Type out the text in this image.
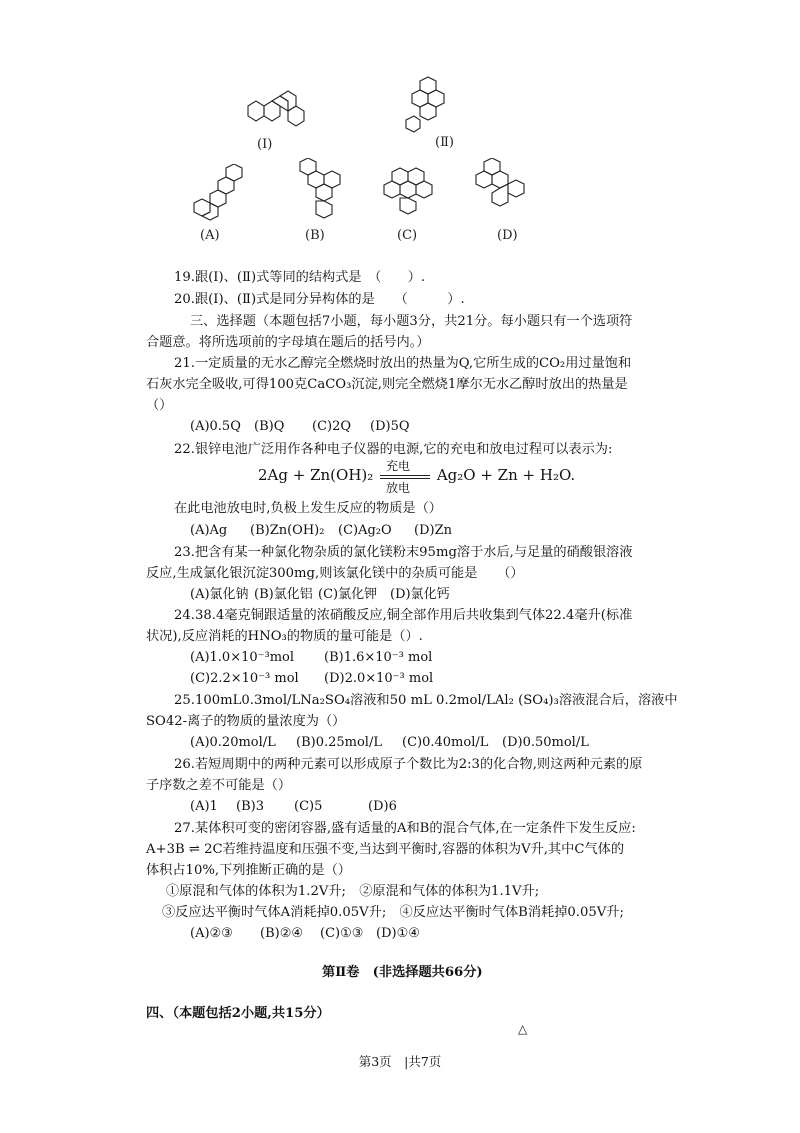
(Ⅰ)	(Ⅱ)
(A)	(B)	(C)	(D)
19.跟(Ⅰ)、(Ⅱ)式等同的结构式是　（　　）.
20.跟(Ⅰ)、(Ⅱ)式是同分异构体的是　　（　　　）.
三、选择题（本题包括7小题，每小题3分，共21分。每小题只有一个选项符
合题意。将所选项前的字母填在题后的括号内。）
21.一定质量的无水乙醇完全燃烧时放出的热量为Q,它所生成的CO₂用过量饱和
石灰水完全吸收,可得100克CaCO₃沉淀,则完全燃烧1摩尔无水乙醇时放出的热量是
（）
(A)0.5Q (B)Q (C)2Q (D)5Q
22.银锌电池广泛用作各种电子仪器的电源,它的充电和放电过程可以表示为:
2Ag + Zn(OH)₂ 充电
放电
Ag₂O + Zn + H₂O.
在此电池放电时,负极上发生反应的物质是（）
(A)Ag (B)Zn(OH)₂ (C)Ag₂O (D)Zn
23.把含有某一种氯化物杂质的氯化镁粉末95mg溶于水后,与足量的硝酸银溶液
反应,生成氯化银沉淀300mg,则该氯化镁中的杂质可能是　　（）
(A)氯化钠 (B)氯化铝 (C)氯化钾 (D)氯化钙
24.38.4毫克铜跟适量的浓硝酸反应,铜全部作用后共收集到气体22.4毫升(标准
状况),反应消耗的HNO₃的物质的量可能是（）.
(A)1.0×10⁻³mol (B)1.6×10⁻³ mol
(C)2.2×10⁻³ mol (D)2.0×10⁻³ mol
25.100mL0.3mol/LNa₂SO₄溶液和50 mL 0.2mol/LAl₂ (SO₄)₃溶液混合后，溶液中
SO42-离子的物质的量浓度为（）
(A)0.20mol/L (B)0.25mol/L (C)0.40mol/L (D)0.50mol/L
26.若短周期中的两种元素可以形成原子个数比为2:3的化合物,则这两种元素的原
子序数之差不可能是（）
(A)1 (B)3 (C)5	(D)6
27.某体积可变的密闭容器,盛有适量的A和B的混合气体,在一定条件下发生反应:
A+3B ⇌ 2C若维持温度和压强不变,当达到平衡时,容器的体积为V升,其中C气体的
体积占10%,下列推断正确的是（）
①原混和气体的体积为1.2V升;　②原混和气体的体积为1.1V升;
③反应达平衡时气体A消耗掉0.05V升;　④反应达平衡时气体B消耗掉0.05V升;
(A)②③ (B)②④ (C)①③ (D)①④
第Ⅱ卷　(非选择题共66分)
四、（本题包括2小题,共15分）
△
第3页　|共7页
